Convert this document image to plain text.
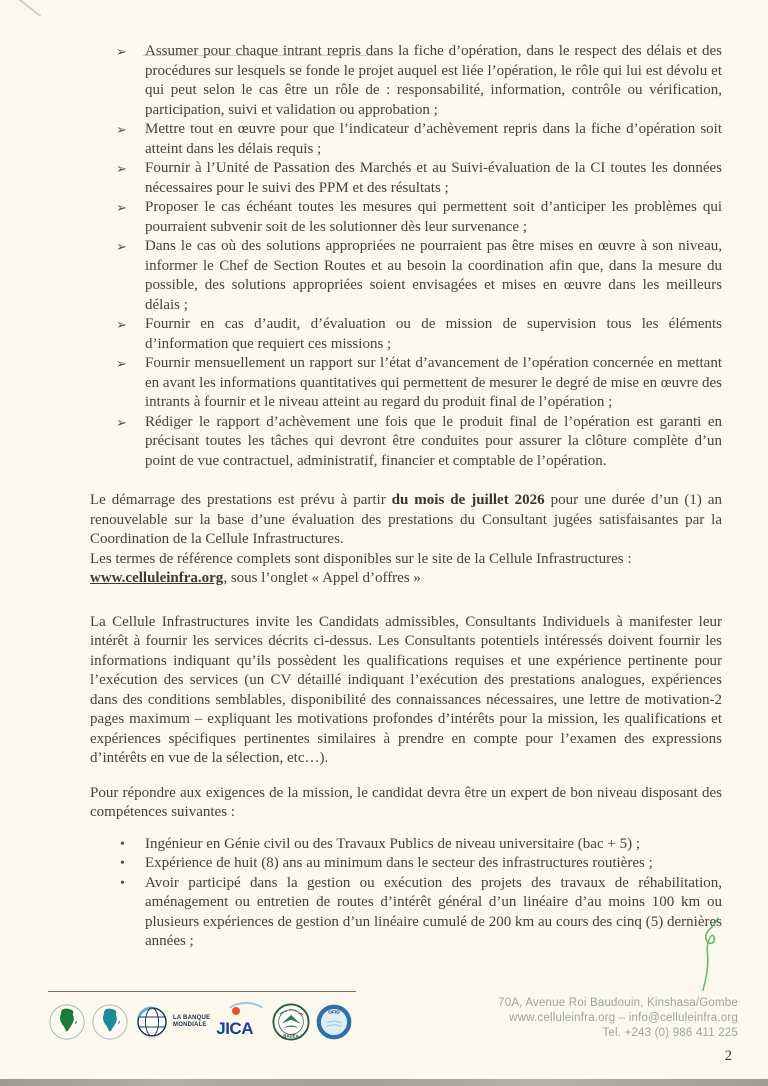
➢ Assumer pour chaque intrant repris dans la fiche d’opération, dans le respect des délais et des procédures sur lesquels se fonde le projet auquel est liée l’opération, le rôle qui lui est dévolu et qui peut selon le cas être un rôle de : responsabilité, information, contrôle ou vérification, participation, suivi et validation ou approbation ;
➢ Mettre tout en œuvre pour que l’indicateur d’achèvement repris dans la fiche d’opération soit atteint dans les délais requis ;
➢ Fournir à l’Unité de Passation des Marchés et au Suivi-évaluation de la CI toutes les données nécessaires pour le suivi des PPM et des résultats ;
➢ Proposer le cas échéant toutes les mesures qui permettent soit d’anticiper les problèmes qui pourraient subvenir soit de les solutionner dès leur survenance ;
➢ Dans le cas où des solutions appropriées ne pourraient pas être mises en œuvre à son niveau, informer le Chef de Section Routes et au besoin la coordination afin que, dans la mesure du possible, des solutions appropriées soient envisagées et mises en œuvre dans les meilleurs délais ;
➢ Fournir en cas d’audit, d’évaluation ou de mission de supervision tous les éléments d’information que requiert ces missions ;
➢ Fournir mensuellement un rapport sur l’état d’avancement de l’opération concernée en mettant en avant les informations quantitatives qui permettent de mesurer le degré de mise en œuvre des intrants à fournir et le niveau atteint au regard du produit final de l’opération ;
➢ Rédiger le rapport d’achèvement une fois que le produit final de l’opération est garanti en précisant toutes les tâches qui devront être conduites pour assurer la clôture complète d’un point de vue contractuel, administratif, financier et comptable de l’opération.

Le démarrage des prestations est prévu à partir du mois de juillet 2026 pour une durée d’un (1) an renouvelable sur la base d’une évaluation des prestations du Consultant jugées satisfaisantes par la Coordination de la Cellule Infrastructures.

Les termes de référence complets sont disponibles sur le site de la Cellule Infrastructures :
www.celluleinfra.org, sous l’onglet « Appel d’offres »

La Cellule Infrastructures invite les Candidats admissibles, Consultants Individuels à manifester leur intérêt à fournir les services décrits ci-dessus. Les Consultants potentiels intéressés doivent fournir les informations indiquant qu’ils possèdent les qualifications requises et une expérience pertinente pour l’exécution des services (un CV détaillé indiquant l’exécution des prestations analogues, expériences dans des conditions semblables, disponibilité des connaissances nécessaires, une lettre de motivation-2 pages maximum – expliquant les motivations profondes d’intérêts pour la mission, les qualifications et expériences spécifiques pertinentes similaires à prendre en compte pour l’examen des expressions d’intérêts en vue de la sélection, etc…).

Pour répondre aux exigences de la mission, le candidat devra être un expert de bon niveau disposant des compétences suivantes :

• Ingénieur en Génie civil ou des Travaux Publics de niveau universitaire (bac + 5) ;
• Expérience de huit (8) ans au minimum dans le secteur des infrastructures routières ;
• Avoir participé dans la gestion ou exécution des projets des travaux de réhabilitation, aménagement ou entretien de routes d’intérêt général d’un linéaire d’au moins 100 km ou plusieurs expériences de gestion d’un linéaire cumulé de 200 km au cours des cinq (5) dernières années ;
LA BANQUE
MONDIALE JICA	BADEA
OFID
70A, Avenue Roi Baudouin, Kinshasa/Gombe
www.celluleinfra.org – info@celluleinfra.org
Tel. +243 (0) 986 411 225
2
